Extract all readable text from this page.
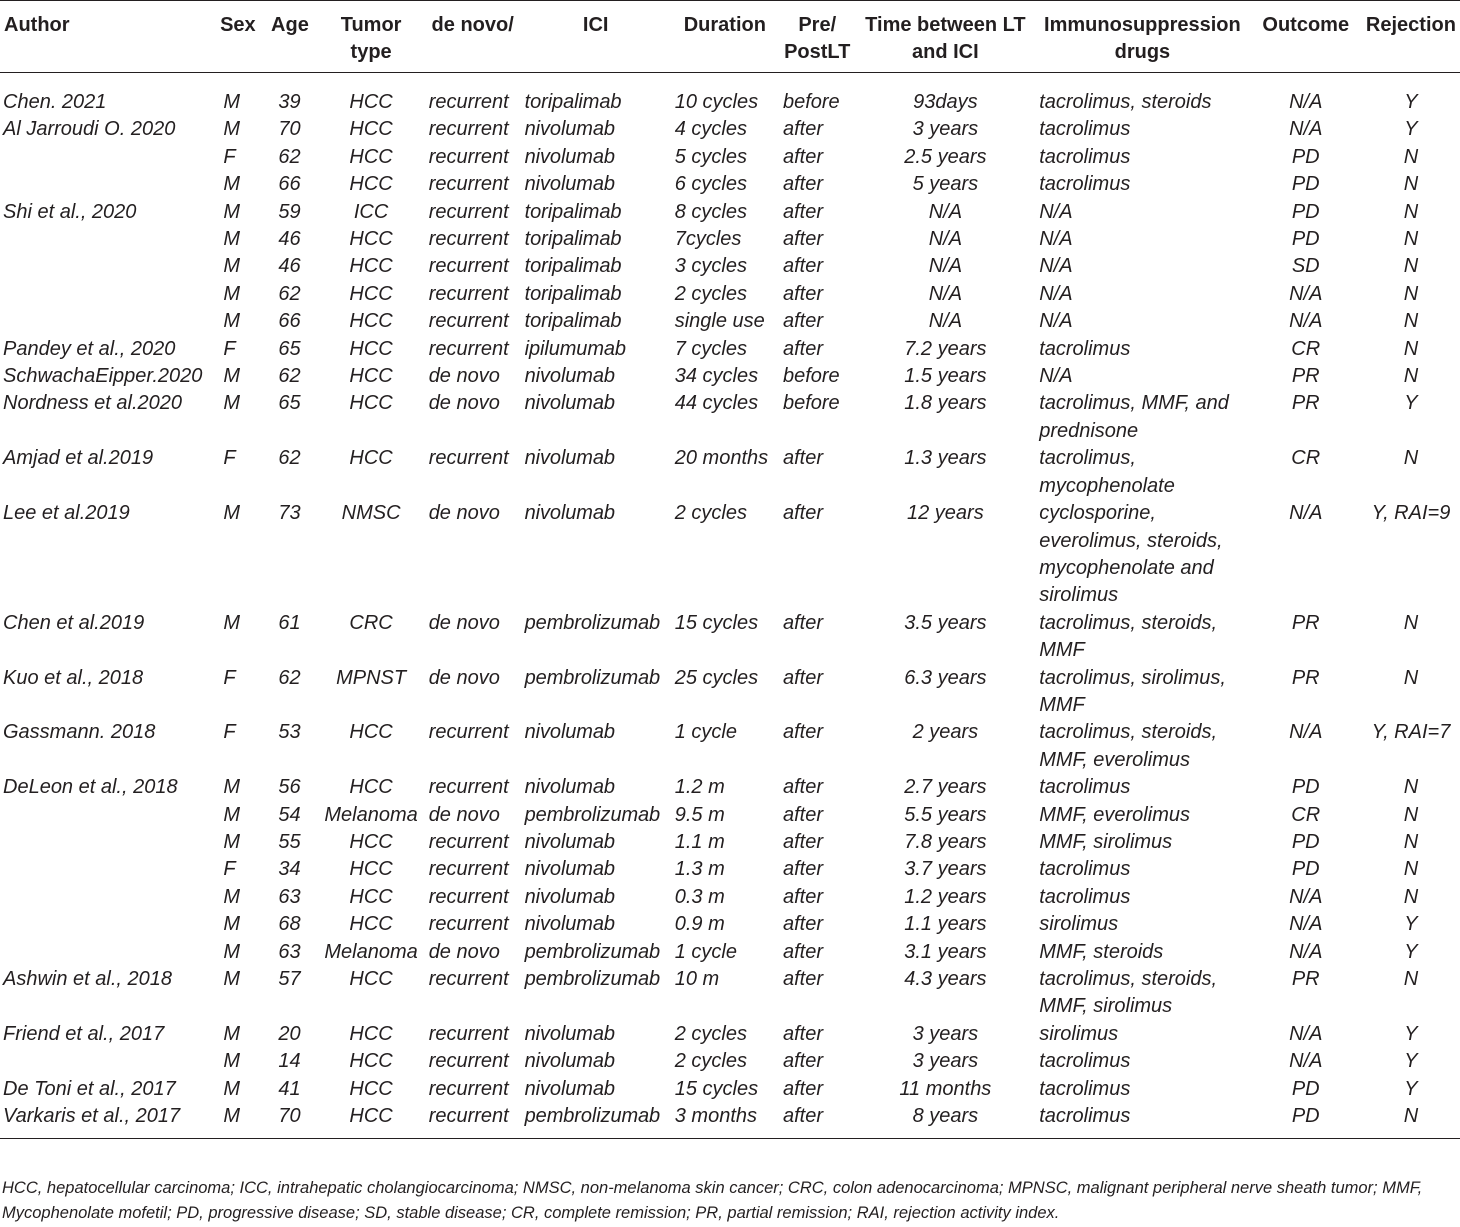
Author	Sex	Age	Tumor type	de novo/	ICI	Duration	Pre/ PostLT	Time between LT and ICI	Immunosuppression drugs	Outcome	Rejection
Chen. 2021	M	39	HCC	recurrent	toripalimab	10 cycles	before	93days	tacrolimus, steroids	N/A	Y
Al Jarroudi O. 2020	M	70	HCC	recurrent	nivolumab	4 cycles	after	3 years	tacrolimus	N/A	Y
	F	62	HCC	recurrent	nivolumab	5 cycles	after	2.5 years	tacrolimus	PD	N
	M	66	HCC	recurrent	nivolumab	6 cycles	after	5 years	tacrolimus	PD	N
Shi et al., 2020	M	59	ICC	recurrent	toripalimab	8 cycles	after	N/A	N/A	PD	N
	M	46	HCC	recurrent	toripalimab	7cycles	after	N/A	N/A	PD	N
	M	46	HCC	recurrent	toripalimab	3 cycles	after	N/A	N/A	SD	N
	M	62	HCC	recurrent	toripalimab	2 cycles	after	N/A	N/A	N/A	N
	M	66	HCC	recurrent	toripalimab	single use	after	N/A	N/A	N/A	N
Pandey et al., 2020	F	65	HCC	recurrent	ipilumumab	7 cycles	after	7.2 years	tacrolimus	CR	N
SchwachaEipper.2020	M	62	HCC	de novo	nivolumab	34 cycles	before	1.5 years	N/A	PR	N
Nordness et al.2020	M	65	HCC	de novo	nivolumab	44 cycles	before	1.8 years	tacrolimus, MMF, and prednisone	PR	Y
Amjad et al.2019	F	62	HCC	recurrent	nivolumab	20 months	after	1.3 years	tacrolimus, mycophenolate	CR	N
Lee et al.2019	M	73	NMSC	de novo	nivolumab	2 cycles	after	12 years	cyclosporine, everolimus, steroids, mycophenolate and sirolimus	N/A	Y, RAI=9
Chen et al.2019	M	61	CRC	de novo	pembrolizumab	15 cycles	after	3.5 years	tacrolimus, steroids, MMF	PR	N
Kuo et al., 2018	F	62	MPNST	de novo	pembrolizumab	25 cycles	after	6.3 years	tacrolimus, sirolimus, MMF	PR	N
Gassmann. 2018	F	53	HCC	recurrent	nivolumab	1 cycle	after	2 years	tacrolimus, steroids, MMF, everolimus	N/A	Y, RAI=7
DeLeon et al., 2018	M	56	HCC	recurrent	nivolumab	1.2 m	after	2.7 years	tacrolimus	PD	N
	M	54	Melanoma	de novo	pembrolizumab	9.5 m	after	5.5 years	MMF, everolimus	CR	N
	M	55	HCC	recurrent	nivolumab	1.1 m	after	7.8 years	MMF, sirolimus	PD	N
	F	34	HCC	recurrent	nivolumab	1.3 m	after	3.7 years	tacrolimus	PD	N
	M	63	HCC	recurrent	nivolumab	0.3 m	after	1.2 years	tacrolimus	N/A	N
	M	68	HCC	recurrent	nivolumab	0.9 m	after	1.1 years	sirolimus	N/A	Y
	M	63	Melanoma	de novo	pembrolizumab	1 cycle	after	3.1 years	MMF, steroids	N/A	Y
Ashwin et al., 2018	M	57	HCC	recurrent	pembrolizumab	10 m	after	4.3 years	tacrolimus, steroids, MMF, sirolimus	PR	N
Friend et al., 2017	M	20	HCC	recurrent	nivolumab	2 cycles	after	3 years	sirolimus	N/A	Y
	M	14	HCC	recurrent	nivolumab	2 cycles	after	3 years	tacrolimus	N/A	Y
De Toni et al., 2017	M	41	HCC	recurrent	nivolumab	15 cycles	after	11 months	tacrolimus	PD	Y
Varkaris et al., 2017	M	70	HCC	recurrent	pembrolizumab	3 months	after	8 years	tacrolimus	PD	N
HCC, hepatocellular carcinoma; ICC, intrahepatic cholangiocarcinoma; NMSC, non-melanoma skin cancer; CRC, colon adenocarcinoma; MPNSC, malignant peripheral nerve sheath tumor; MMF, Mycophenolate mofetil; PD, progressive disease; SD, stable disease; CR, complete remission; PR, partial remission; RAI, rejection activity index.
